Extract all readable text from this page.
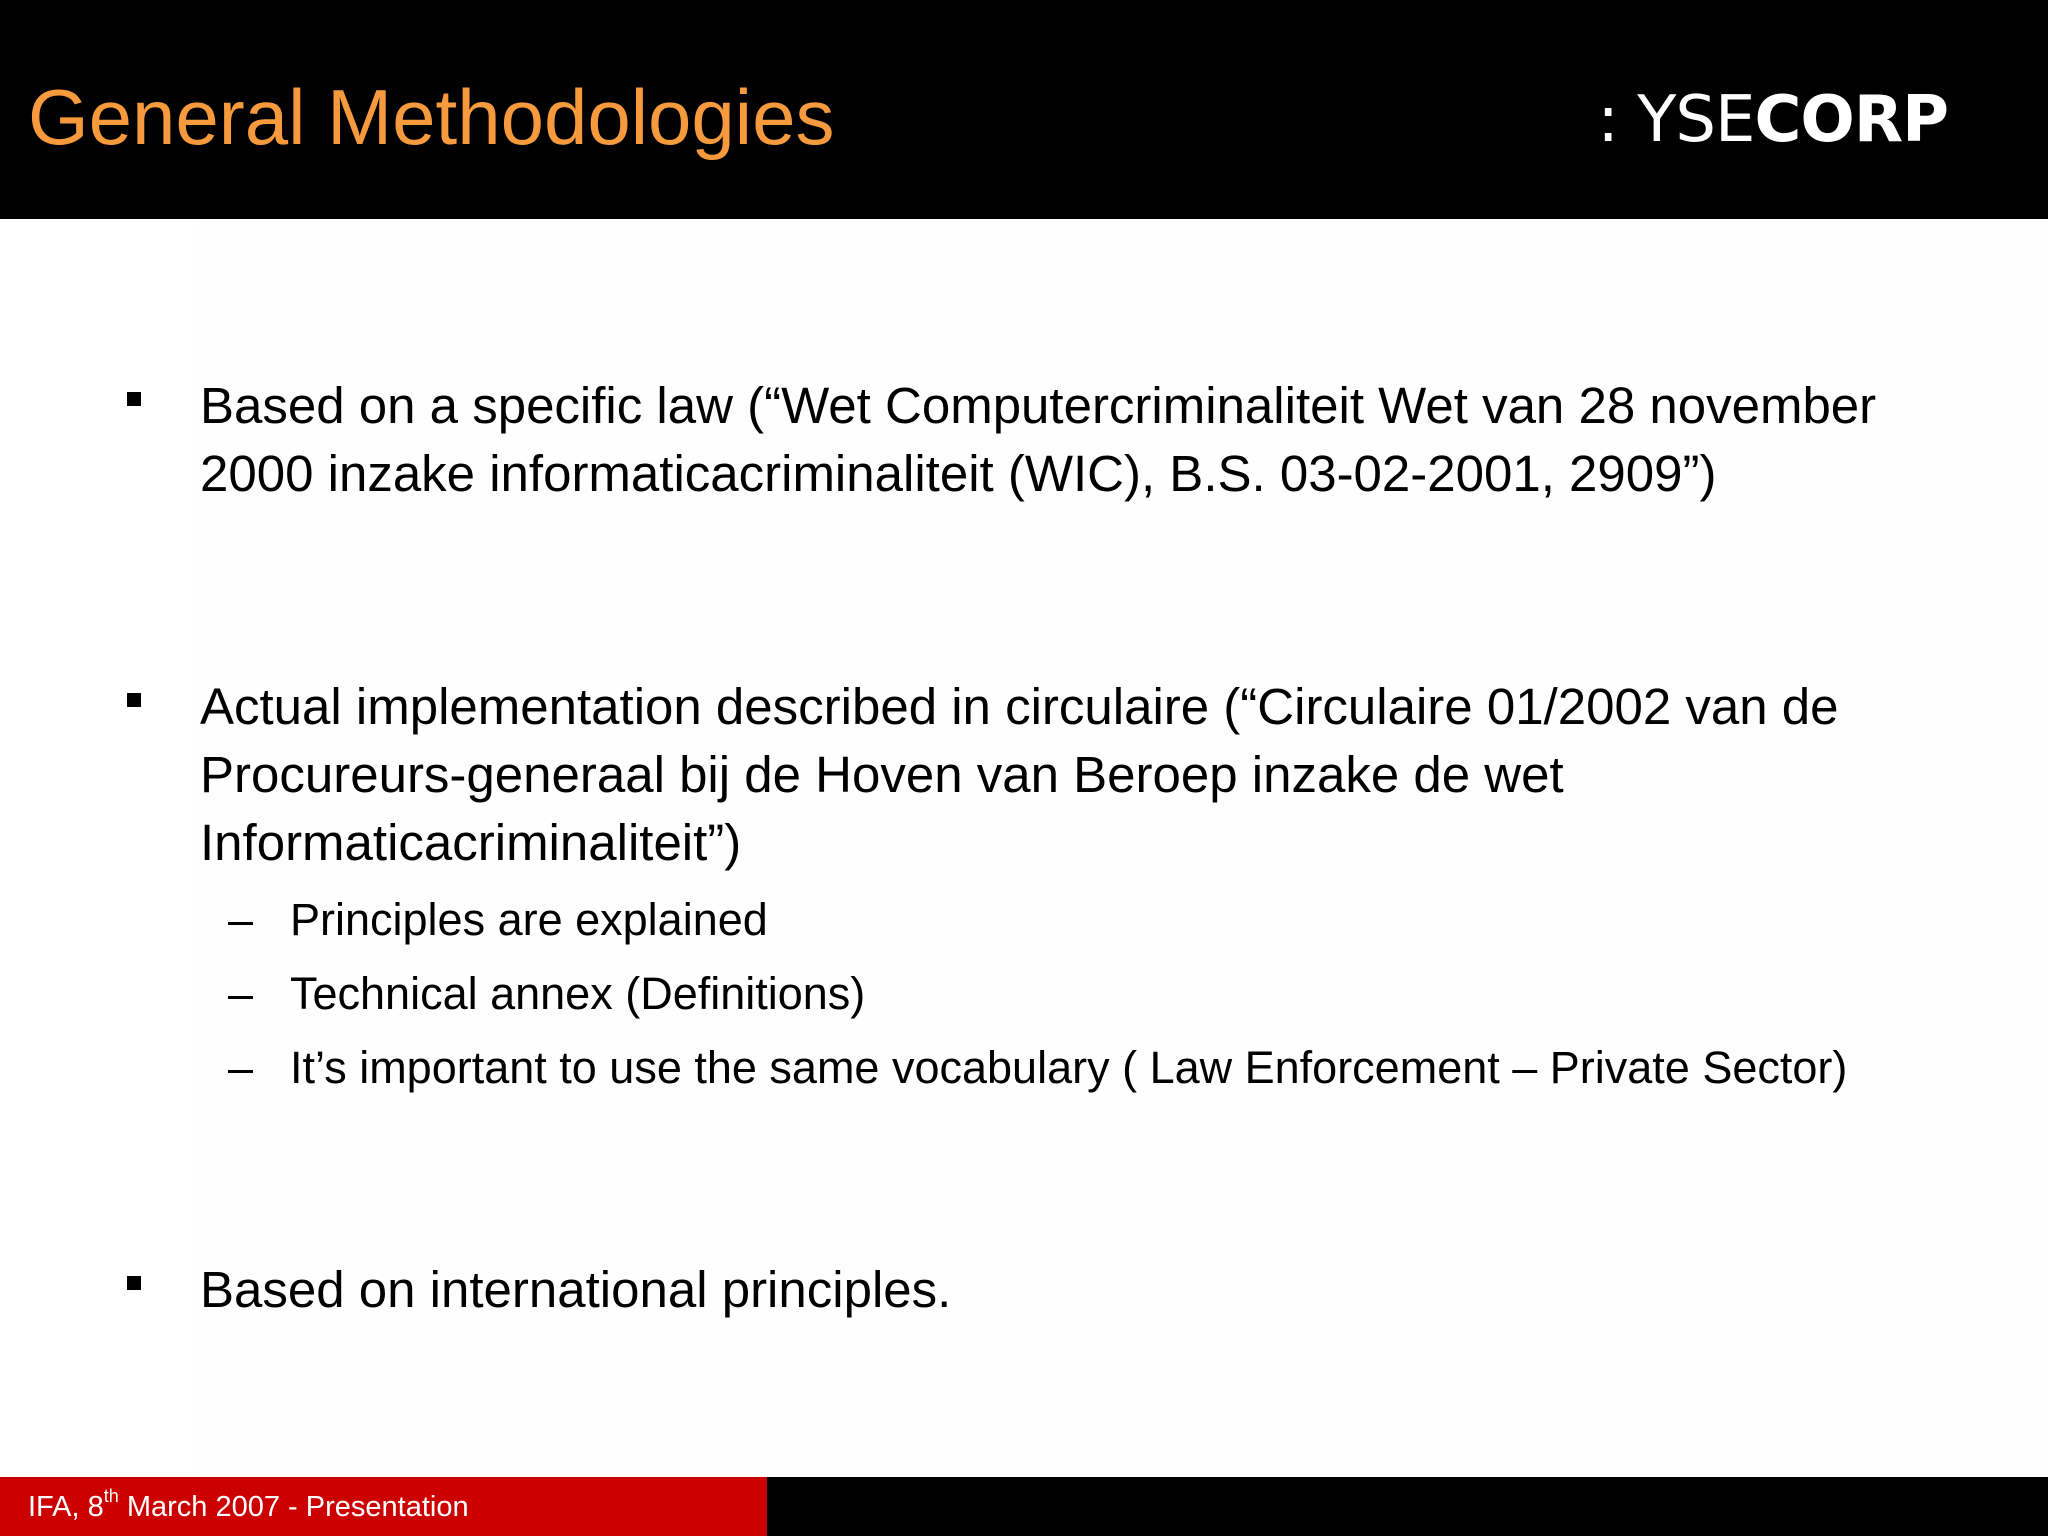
General Methodologies	: YSECORP
Based on a specific law (“Wet Computercriminaliteit Wet van 28 november 2000 inzake informaticacriminaliteit (WIC), B.S. 03-02-2001, 2909”)
Actual implementation described in circulaire (“Circulaire 01/2002 van de Procureurs-generaal bij de Hoven van Beroep inzake de wet Informaticacriminaliteit”)
– Principles are explained
– Technical annex (Definitions)
– It’s important to use the same vocabulary ( Law Enforcement – Private Sector)
Based on international principles.
IFA, 8th March 2007 - Presentation
